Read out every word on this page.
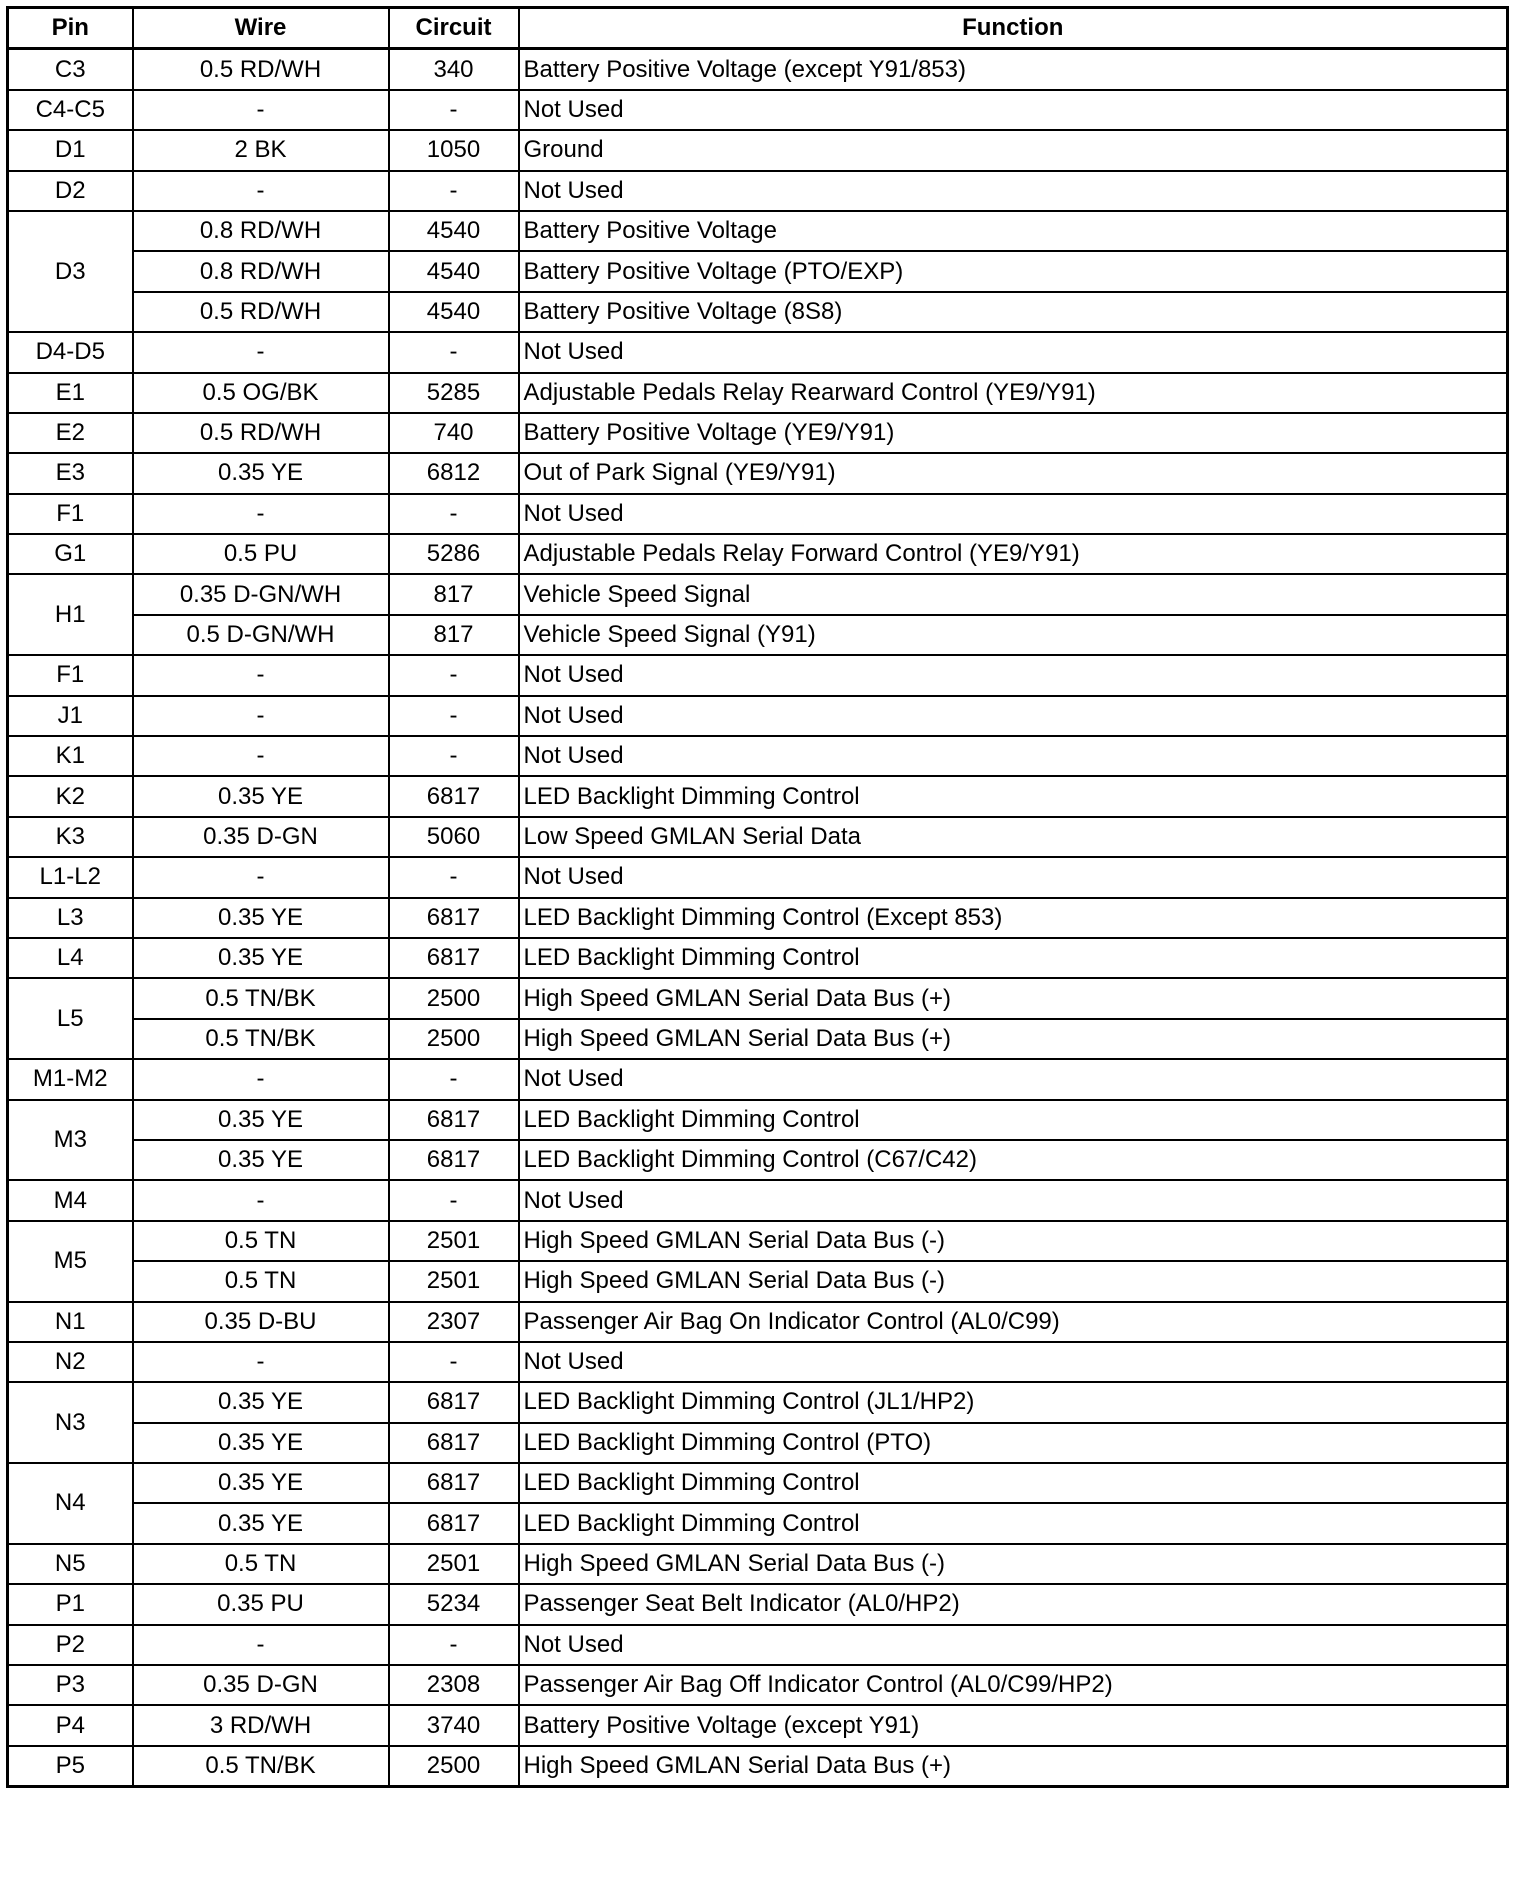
Pin	Wire	Circuit	Function
C3	0.5 RD/WH	340	Battery Positive Voltage (except Y91/853)
C4-C5	-	-	Not Used
D1	2 BK	1050	Ground
D2	-	-	Not Used
D3	0.8 RD/WH	4540	Battery Positive Voltage
	0.8 RD/WH	4540	Battery Positive Voltage (PTO/EXP)
	0.5 RD/WH	4540	Battery Positive Voltage (8S8)
D4-D5	-	-	Not Used
E1	0.5 OG/BK	5285	Adjustable Pedals Relay Rearward Control (YE9/Y91)
E2	0.5 RD/WH	740	Battery Positive Voltage (YE9/Y91)
E3	0.35 YE	6812	Out of Park Signal (YE9/Y91)
F1	-	-	Not Used
G1	0.5 PU	5286	Adjustable Pedals Relay Forward Control (YE9/Y91)
H1	0.35 D-GN/WH	817	Vehicle Speed Signal
	0.5 D-GN/WH	817	Vehicle Speed Signal (Y91)
F1	-	-	Not Used
J1	-	-	Not Used
K1	-	-	Not Used
K2	0.35 YE	6817	LED Backlight Dimming Control
K3	0.35 D-GN	5060	Low Speed GMLAN Serial Data
L1-L2	-	-	Not Used
L3	0.35 YE	6817	LED Backlight Dimming Control (Except 853)
L4	0.35 YE	6817	LED Backlight Dimming Control
L5	0.5 TN/BK	2500	High Speed GMLAN Serial Data Bus (+)
	0.5 TN/BK	2500	High Speed GMLAN Serial Data Bus (+)
M1-M2	-	-	Not Used
M3	0.35 YE	6817	LED Backlight Dimming Control
	0.35 YE	6817	LED Backlight Dimming Control (C67/C42)
M4	-	-	Not Used
M5	0.5 TN	2501	High Speed GMLAN Serial Data Bus (-)
	0.5 TN	2501	High Speed GMLAN Serial Data Bus (-)
N1	0.35 D-BU	2307	Passenger Air Bag On Indicator Control (AL0/C99)
N2	-	-	Not Used
N3	0.35 YE	6817	LED Backlight Dimming Control (JL1/HP2)
	0.35 YE	6817	LED Backlight Dimming Control (PTO)
N4	0.35 YE	6817	LED Backlight Dimming Control
	0.35 YE	6817	LED Backlight Dimming Control
N5	0.5 TN	2501	High Speed GMLAN Serial Data Bus (-)
P1	0.35 PU	5234	Passenger Seat Belt Indicator (AL0/HP2)
P2	-	-	Not Used
P3	0.35 D-GN	2308	Passenger Air Bag Off Indicator Control (AL0/C99/HP2)
P4	3 RD/WH	3740	Battery Positive Voltage (except Y91)
P5	0.5 TN/BK	2500	High Speed GMLAN Serial Data Bus (+)
